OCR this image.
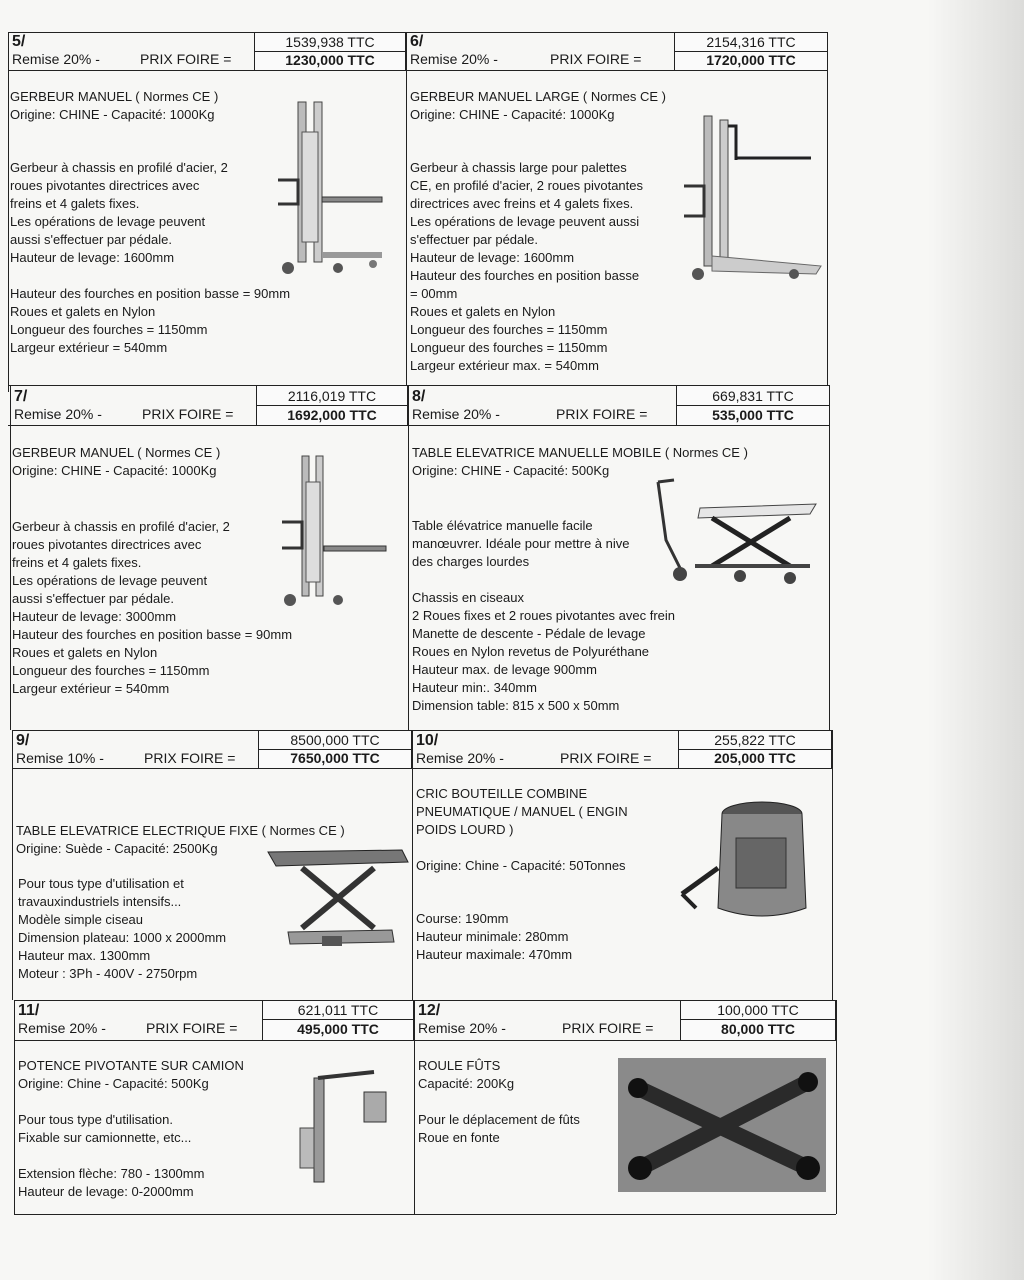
5/
Remise 20% -	PRIX FOIRE =
1539,938 TTC
1230,000 TTC
6/
Remise 20% -	PRIX FOIRE =
2154,316 TTC
1720,000 TTC
7/
Remise 20% -	PRIX FOIRE =
2116,019 TTC
1692,000 TTC
8/
Remise 20% -	PRIX FOIRE =
669,831 TTC
535,000 TTC
9/
Remise 10% -	PRIX FOIRE =
8500,000 TTC
7650,000 TTC
10/
Remise 20% -	PRIX FOIRE =
255,822 TTC
205,000 TTC
11/
Remise 20% -	PRIX FOIRE =
621,011 TTC
495,000 TTC
12/
Remise 20% -	PRIX FOIRE =
100,000 TTC
80,000 TTC

GERBEUR MANUEL ( Normes CE )

Origine: CHINE - Capacité: 1000Kg

Gerbeur à chassis en profilé d'acier, 2

roues pivotantes directrices avec

freins et 4 galets fixes.

Les opérations de levage peuvent

aussi s'effectuer par pédale.

Hauteur de levage: 1600mm

Hauteur des fourches en position basse = 90mm

Roues et galets en Nylon

Longueur des fourches = 1150mm

Largeur extérieur = 540mm

GERBEUR MANUEL LARGE ( Normes CE )

Origine: CHINE - Capacité: 1000Kg

Gerbeur à chassis large pour palettes

CE, en profilé d'acier, 2 roues pivotantes

directrices avec freins et 4 galets fixes.

Les opérations de levage peuvent aussi

s'effectuer par pédale.

Hauteur de levage: 1600mm

Hauteur des fourches en position basse

= 00mm

Roues et galets en Nylon

Longueur des fourches = 1150mm

Longueur des fourches = 1150mm

Largeur extérieur max. = 540mm

GERBEUR MANUEL ( Normes CE )

Origine: CHINE - Capacité: 1000Kg

Gerbeur à chassis en profilé d'acier, 2

roues pivotantes directrices avec

freins et 4 galets fixes.

Les opérations de levage peuvent

aussi s'effectuer par pédale.

Hauteur de levage: 3000mm

Hauteur des fourches en position basse = 90mm

Roues et galets en Nylon

Longueur des fourches = 1150mm

Largeur extérieur = 540mm

TABLE ELEVATRICE MANUELLE MOBILE ( Normes CE )

Origine: CHINE - Capacité: 500Kg

Table élévatrice manuelle facile

manœuvrer. Idéale pour mettre à nive

des charges lourdes

Chassis en ciseaux

2 Roues fixes et 2 roues pivotantes avec frein

Manette de descente - Pédale de levage

Roues en Nylon revetus de Polyuréthane

Hauteur max. de levage 900mm

Hauteur min:. 340mm

Dimension table: 815 x 500 x 50mm

TABLE ELEVATRICE ELECTRIQUE FIXE ( Normes CE )

Origine: Suède - Capacité: 2500Kg

Pour tous type d'utilisation et

travauxindustriels intensifs...

Modèle simple ciseau

Dimension plateau: 1000 x 2000mm

Hauteur max. 1300mm

Moteur : 3Ph - 400V - 2750rpm

CRIC BOUTEILLE COMBINE PNEUMATIQUE / MANUEL ( ENGIN POIDS LOURD )

Origine: Chine - Capacité: 50Tonnes

Course: 190mm

Hauteur minimale: 280mm

Hauteur maximale: 470mm

POTENCE PIVOTANTE SUR CAMION

Origine: Chine - Capacité: 500Kg

Pour tous type d'utilisation.

Fixable sur camionnette, etc...

Extension flèche: 780 - 1300mm

Hauteur de levage: 0-2000mm

ROULE FÛTS

Capacité: 200Kg

Pour le déplacement de fûts

Roue en fonte
